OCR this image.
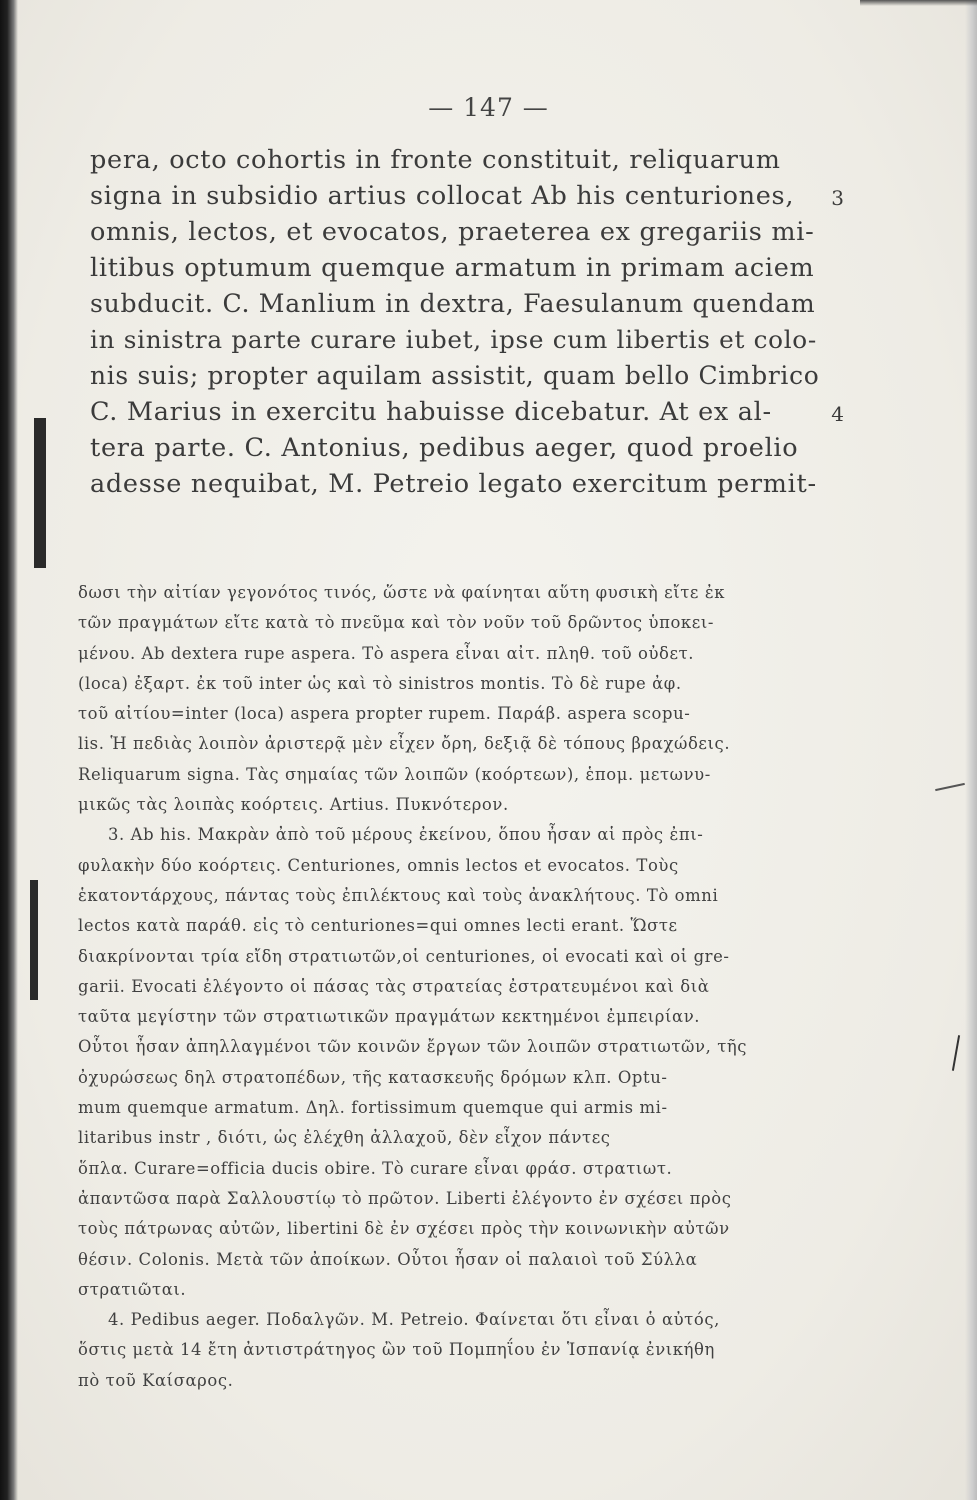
— 147 —
pera, octo cohortis in fronte constituit, reliquarum
signa in subsidio artius collocat Ab his centuriones,
omnis, lectos, et evocatos, praeterea ex gregariis mi-
litibus optumum quemque armatum in primam aciem
subducit. C. Manlium in dextra, Faesulanum quendam
in sinistra parte curare iubet, ipse cum libertis et colo-
nis suis; propter aquilam assistit, quam bello Cimbrico
C. Marius in exercitu habuisse dicebatur. At ex al-
tera parte. C. Antonius, pedibus aeger, quod proelio
adesse nequibat, M. Petreio legato exercitum permit-
3
4
δωσι τὴν αἰτίαν γεγονότος τινός, ὥστε νὰ φαίνηται αὕτη φυσικὴ εἴτε ἐκ
τῶν πραγμάτων εἴτε κατὰ τὸ πνεῦμα καὶ τὸν νοῦν τοῦ δρῶντος ὑποκει-
μένου. Ab dextera rupe aspera. Τὸ aspera εἶναι αἰτ. πληθ. τοῦ οὐδετ.
(loca) ἐξαρτ. ἐκ τοῦ inter ὡς καὶ τὸ sinistros montis. Τὸ δὲ rupe ἀφ.
τοῦ αἰτίου=inter (loca) aspera propter rupem. Παράβ. aspera scopu-
lis. Ἡ πεδιὰς λοιπὸν ἀριστερᾷ μὲν εἶχεν ὄρη, δεξιᾷ δὲ τόπους βραχώδεις.
Reliquarum signa. Τὰς σημαίας τῶν λοιπῶν (κοόρτεων), ἑπομ. μετωνυ-
μικῶς τὰς λοιπὰς κοόρτεις. Artius. Πυκνότερον.
3. Ab his. Μακρὰν ἀπὸ τοῦ μέρους ἐκείνου, ὅπου ἦσαν αἱ πρὸς ἐπι-
φυλακὴν δύο κοόρτεις. Centuriones, omnis lectos et evocatos. Τοὺς
ἑκατοντάρχους, πάντας τοὺς ἐπιλέκτους καὶ τοὺς ἀνακλήτους. Τὸ omni
lectos κατὰ παράθ. εἰς τὸ centuriones=qui omnes lecti erant. Ὥστε
διακρίνονται τρία εἴδη στρατιωτῶν,οἱ centuriones, οἱ evocati καὶ οἱ gre-
garii. Evocati ἐλέγοντο οἱ πάσας τὰς στρατείας ἐστρατευμένοι καὶ διὰ
ταῦτα μεγίστην τῶν στρατιωτικῶν πραγμάτων κεκτημένοι ἐμπειρίαν.
Οὗτοι ἦσαν ἀπηλλαγμένοι τῶν κοινῶν ἔργων τῶν λοιπῶν στρατιωτῶν, τῆς
ὀχυρώσεως δηλ στρατοπέδων, τῆς κατασκευῆς δρόμων κλπ. Optu-
mum quemque armatum. Δηλ. fortissimum quemque qui armis mi-
litaribus instr , διότι, ὡς ἐλέχθη ἀλλαχοῦ, δὲν εἶχον πάντες
ὅπλα. Curare=officia ducis obire. Τὸ curare εἶναι φράσ. στρατιωτ.
ἀπαντῶσα παρὰ Σαλλουστίῳ τὸ πρῶτον. Liberti ἐλέγοντο ἐν σχέσει πρὸς
τοὺς πάτρωνας αὐτῶν, libertini δὲ ἐν σχέσει πρὸς τὴν κοινωνικὴν αὐτῶν
θέσιν. Colonis. Μετὰ τῶν ἀποίκων. Οὗτοι ἦσαν οἱ παλαιοὶ τοῦ Σύλλα
στρατιῶται.
4. Pedibus aeger. Ποδαλγῶν. M. Petreio. Φαίνεται ὅτι εἶναι ὁ αὐτός,
ὅστις μετὰ 14 ἔτη ἀντιστράτηγος ὢν τοῦ Πομπηΐου ἐν Ἱσπανίᾳ ἐνικήθη
πὸ τοῦ Καίσαρος.
